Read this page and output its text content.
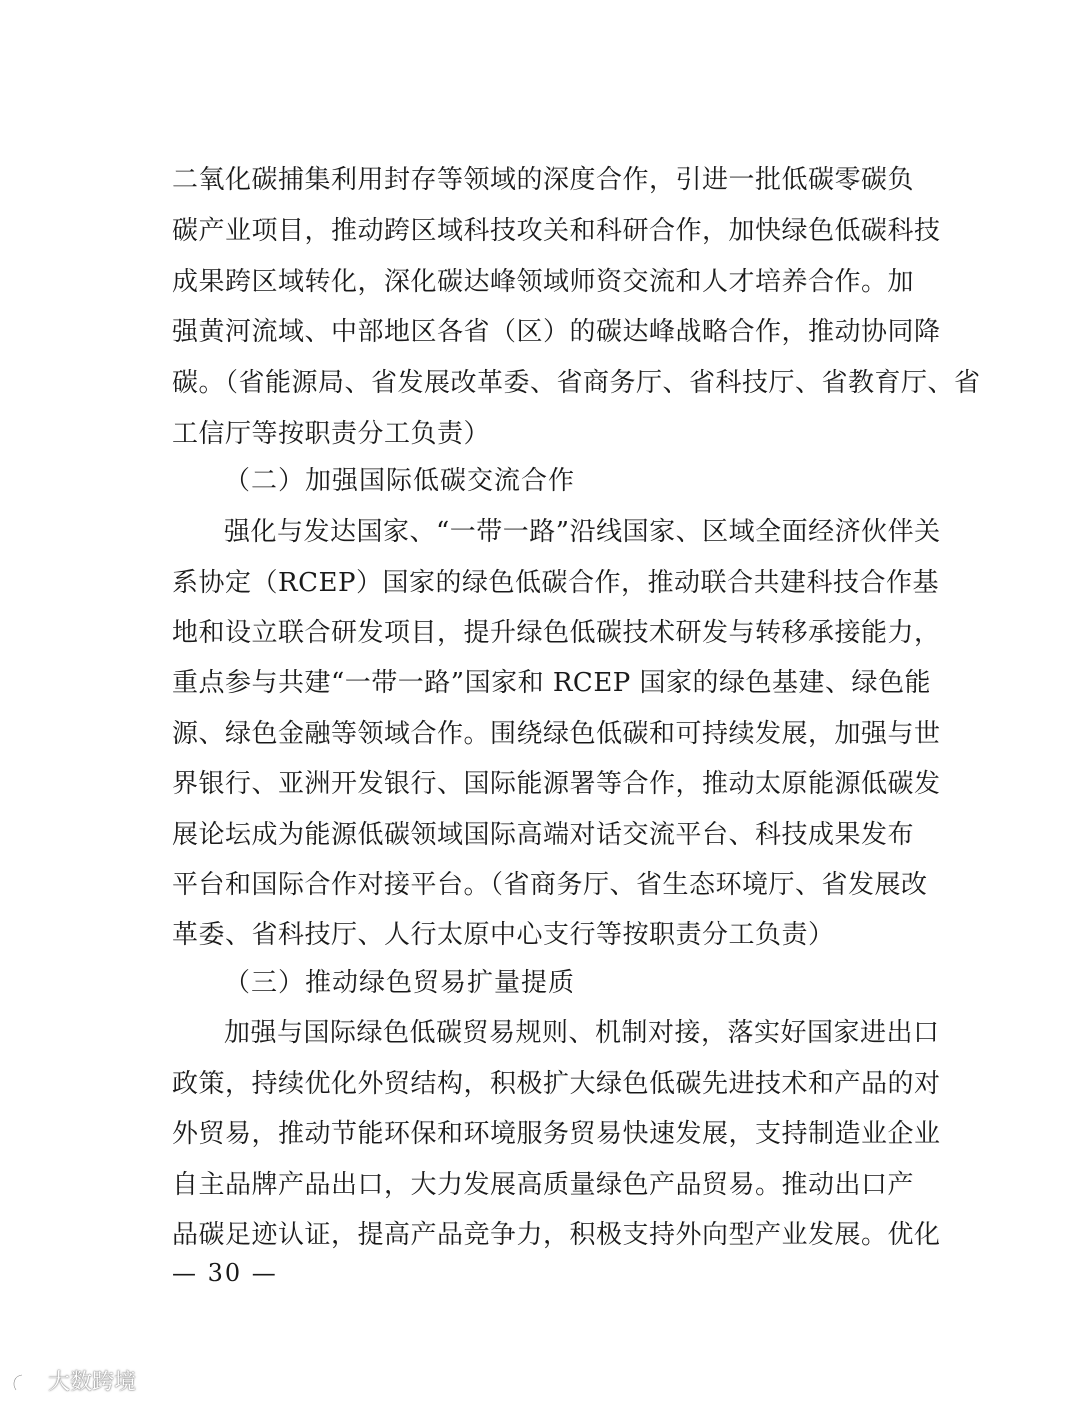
二氧化碳捕集利用封存等领域的深度合作，引进一批低碳零碳负
碳产业项目，推动跨区域科技攻关和科研合作，加快绿色低碳科技
成果跨区域转化，深化碳达峰领域师资交流和人才培养合作。加
强黄河流域、中部地区各省（区）的碳达峰战略合作，推动协同降
碳。（省能源局、省发展改革委、省商务厅、省科技厅、省教育厅、省
工信厅等按职责分工负责）
（二）加强国际低碳交流合作
强化与发达国家、“一带一路”沿线国家、区域全面经济伙伴关
系协定（RCEP）国家的绿色低碳合作，推动联合共建科技合作基
地和设立联合研发项目，提升绿色低碳技术研发与转移承接能力，
重点参与共建“一带一路”国家和 RCEP 国家的绿色基建、绿色能
源、绿色金融等领域合作。围绕绿色低碳和可持续发展，加强与世
界银行、亚洲开发银行、国际能源署等合作，推动太原能源低碳发
展论坛成为能源低碳领域国际高端对话交流平台、科技成果发布
平台和国际合作对接平台。（省商务厅、省生态环境厅、省发展改
革委、省科技厅、人行太原中心支行等按职责分工负责）
（三）推动绿色贸易扩量提质
加强与国际绿色低碳贸易规则、机制对接，落实好国家进出口
政策，持续优化外贸结构，积极扩大绿色低碳先进技术和产品的对
外贸易，推动节能环保和环境服务贸易快速发展，支持制造业企业
自主品牌产品出口，大力发展高质量绿色产品贸易。推动出口产
品碳足迹认证，提高产品竞争力，积极支持外向型产业发展。优化
— 30 —
大数跨境
